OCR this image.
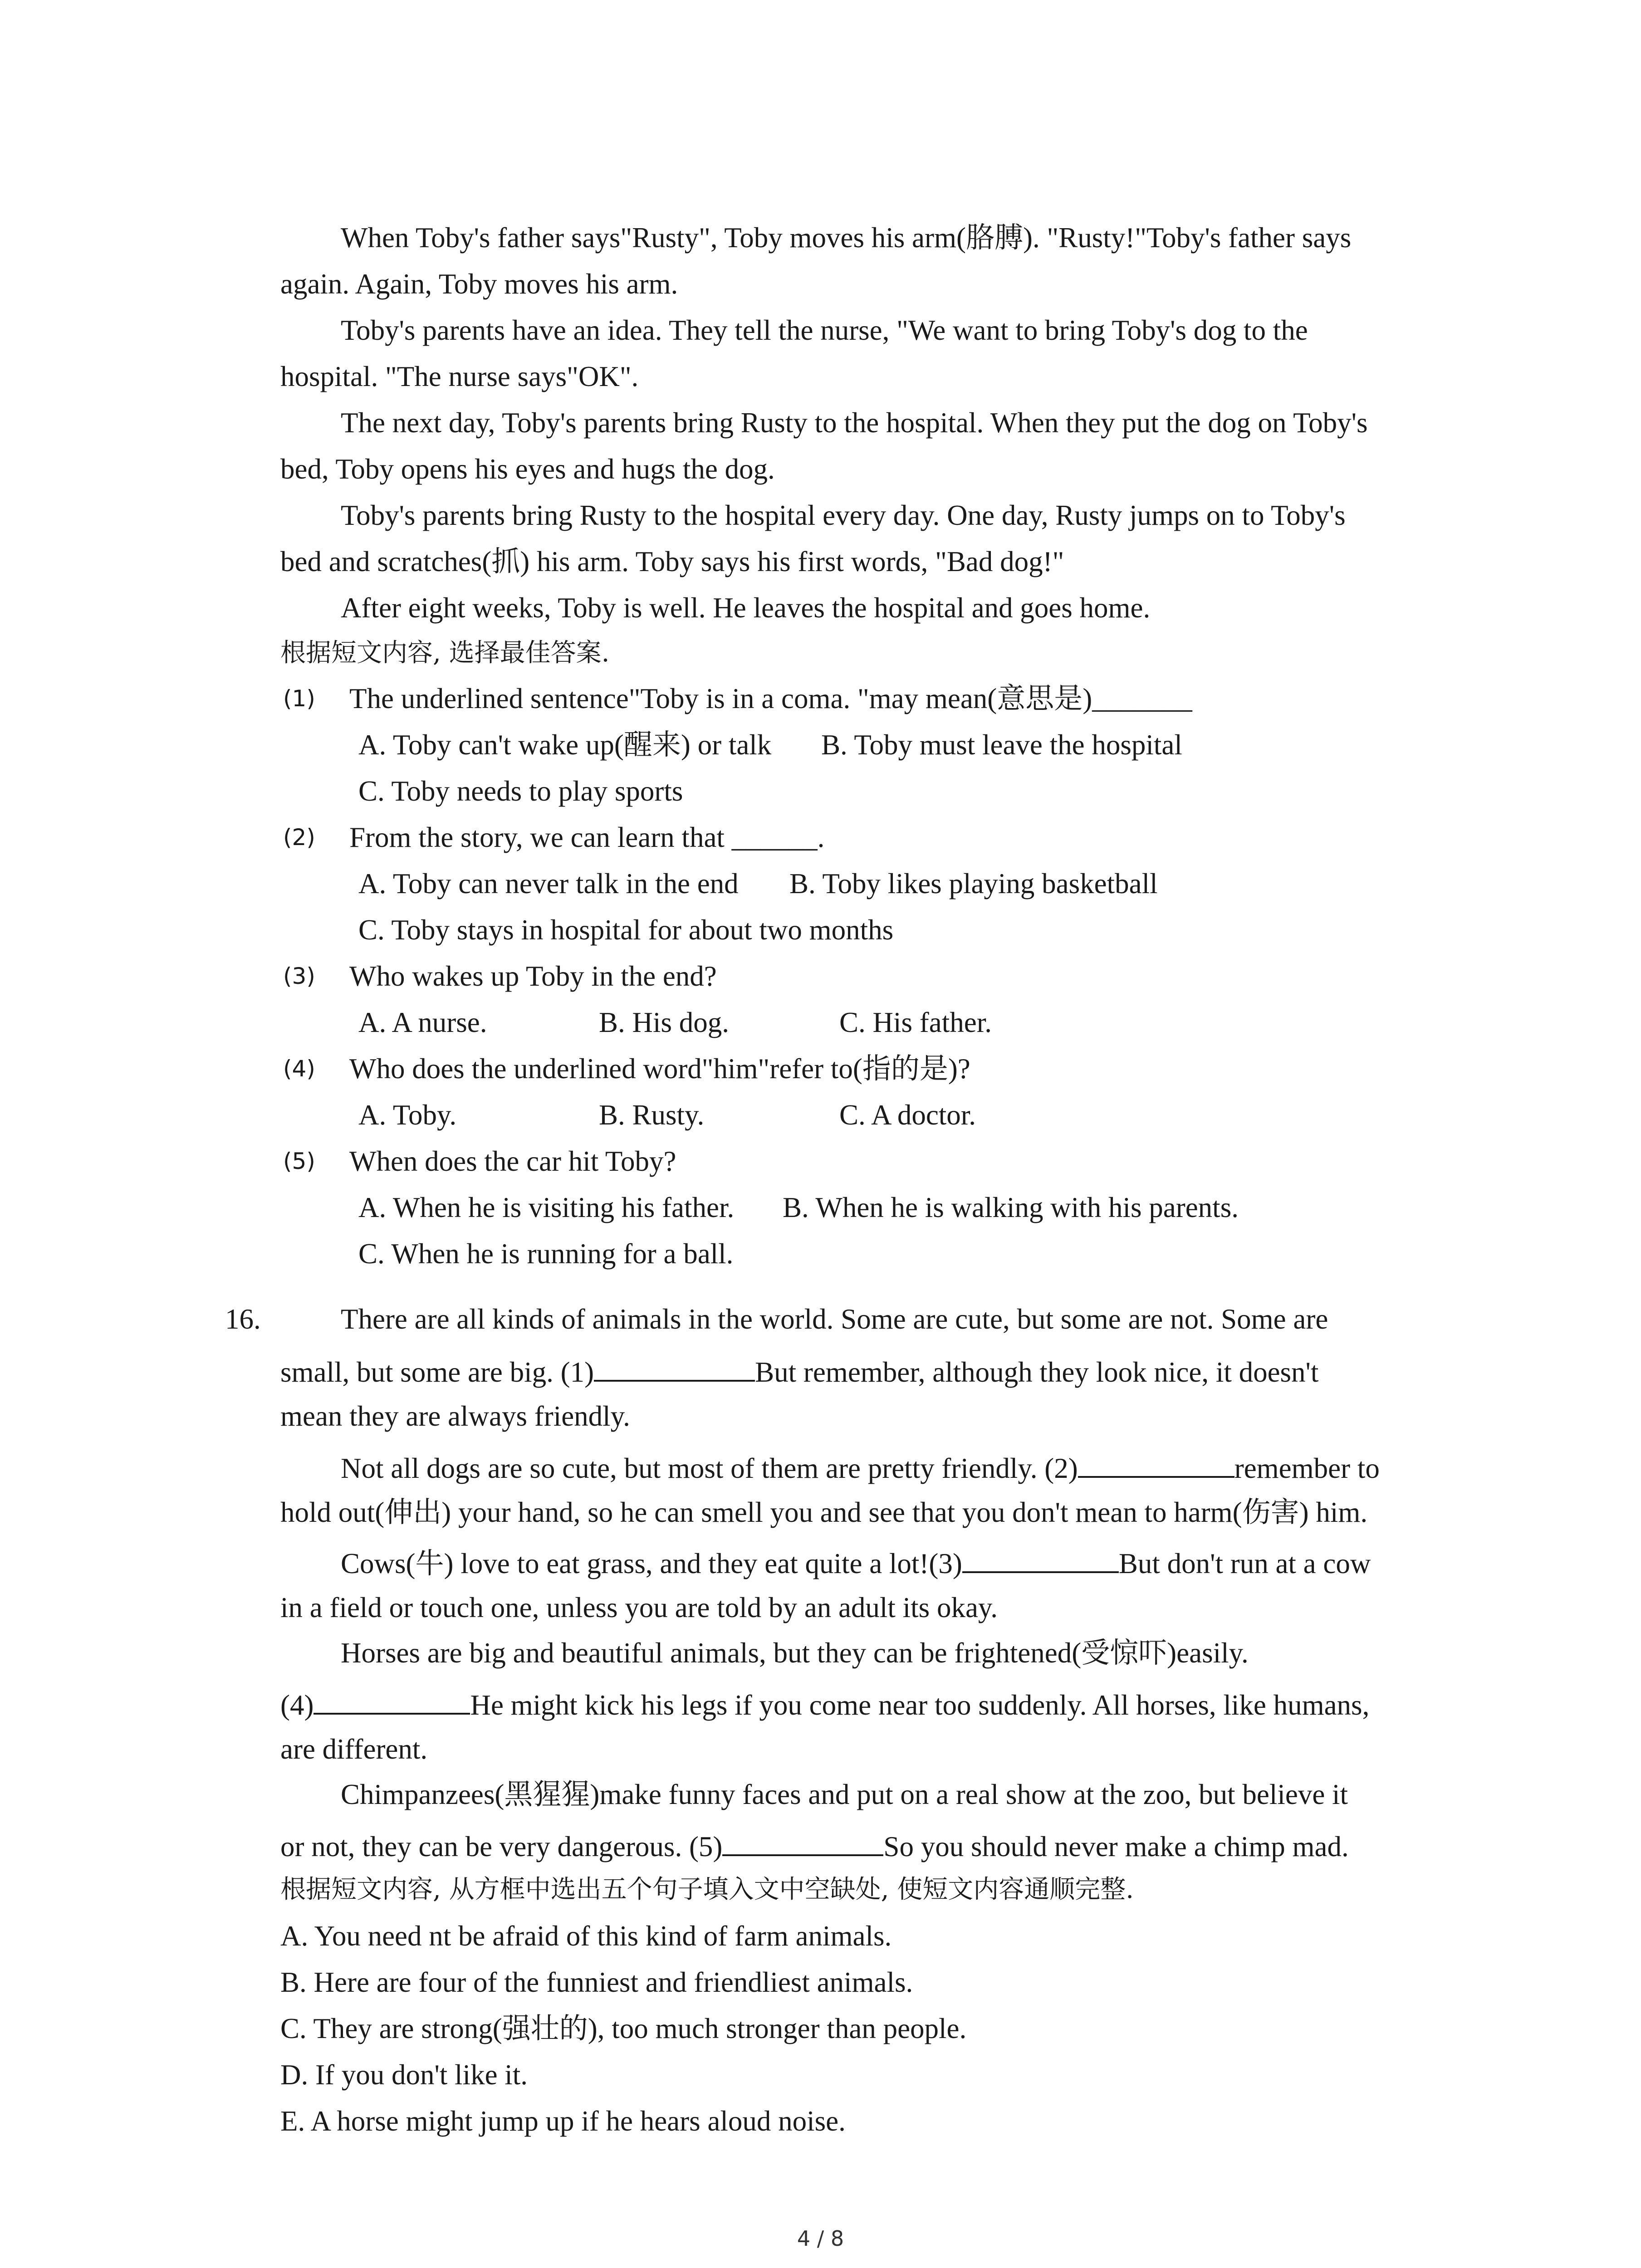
When Toby's father says"Rusty", Toby moves his arm(胳膊). "Rusty!"Toby's father says
again. Again, Toby moves his arm.
Toby's parents have an idea. They tell the nurse, "We want to bring Toby's dog to the
hospital. "The nurse says"OK".
The next day, Toby's parents bring Rusty to the hospital. When they put the dog on Toby's
bed, Toby opens his eyes and hugs the dog.
Toby's parents bring Rusty to the hospital every day. One day, Rusty jumps on to Toby's
bed and scratches(抓) his arm. Toby says his first words, "Bad dog!"
After eight weeks, Toby is well. He leaves the hospital and goes home.
根据短文内容, 选择最佳答案.
(1) The underlined sentence"Toby is in a coma. "may mean(意思是)_______
A. Toby can't wake up(醒来) or talk B. Toby must leave the hospital
C. Toby needs to play sports
(2) From the story, we can learn that ______.
A. Toby can never talk in the end B. Toby likes playing basketball
C. Toby stays in hospital for about two months
(3) Who wakes up Toby in the end?
A. A nurse.	B. His dog.	C. His father.
(4) Who does the underlined word"him"refer to(指的是)?
A. Toby.	B. Rusty.	C. A doctor.
(5) When does the car hit Toby?
A. When he is visiting his father. B. When he is walking with his parents.
C. When he is running for a ball.
16.	There are all kinds of animals in the world. Some are cute, but some are not. Some are
small, but some are big. (1)	But remember, although they look nice, it doesn't
mean they are always friendly.
Not all dogs are so cute, but most of them are pretty friendly. (2)	remember to
hold out(伸出) your hand, so he can smell you and see that you don't mean to harm(伤害) him.
Cows(牛) love to eat grass, and they eat quite a lot!(3)	But don't run at a cow
in a field or touch one, unless you are told by an adult its okay.
Horses are big and beautiful animals, but they can be frightened(受惊吓)easily.
(4)	He might kick his legs if you come near too suddenly. All horses, like humans,
are different.
Chimpanzees(黑猩猩)make funny faces and put on a real show at the zoo, but believe it
or not, they can be very dangerous. (5)	So you should never make a chimp mad.
根据短文内容, 从方框中选出五个句子填入文中空缺处, 使短文内容通顺完整.
A. You need nt be afraid of this kind of farm animals.
B. Here are four of the funniest and friendliest animals.
C. They are strong(强壮的), too much stronger than people.
D. If you don't like it.
E. A horse might jump up if he hears aloud noise.
4 / 8
